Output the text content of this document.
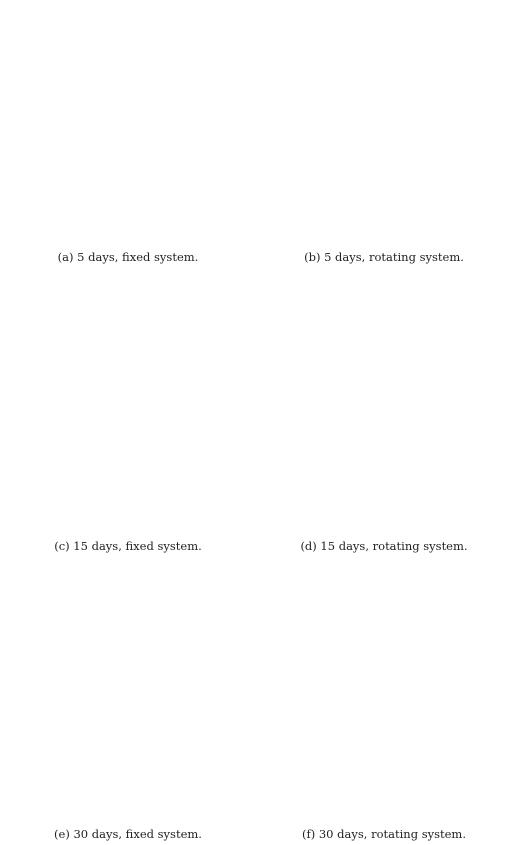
(a) 5 days, fixed system.	(b) 5 days, rotating system.
(c) 15 days, fixed system.	(d) 15 days, rotating system.
(e) 30 days, fixed system.	(f) 30 days, rotating system.
